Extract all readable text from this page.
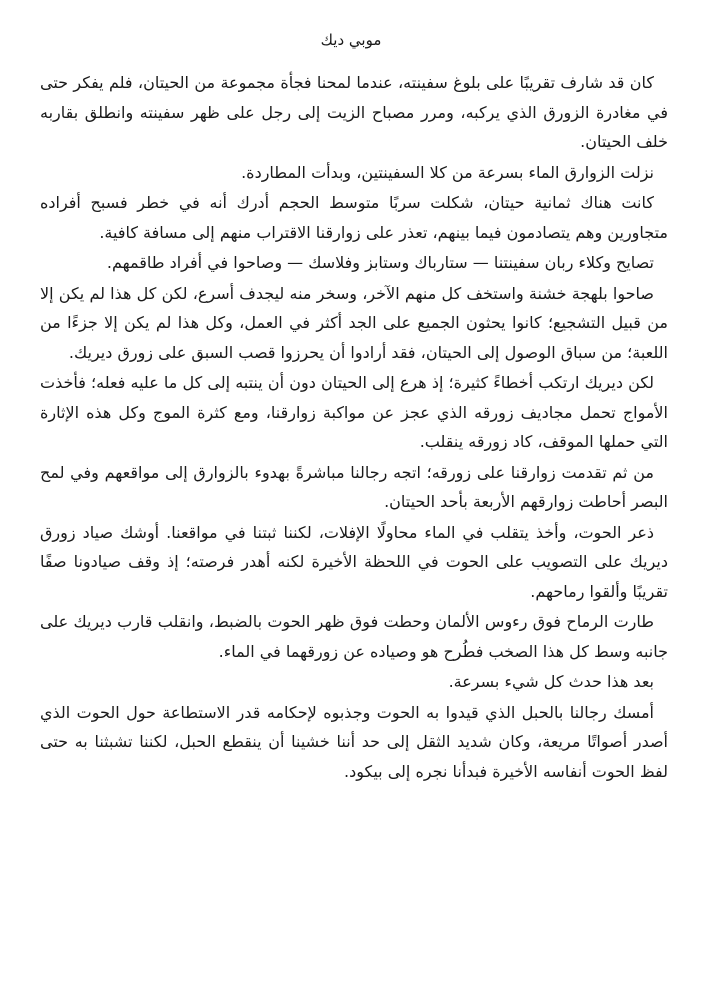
موبي ديك

كان قد شارف تقريبًا على بلوغ سفينته، عندما لمحنا فجأة مجموعة من الحيتان، فلم يفكر حتى في مغادرة الزورق الذي يركبه، ومرر مصباح الزيت إلى رجل على ظهر سفينته وانطلق بقاربه خلف الحيتان.

نزلت الزوارق الماء بسرعة من كلا السفينتين، وبدأت المطاردة.

كانت هناك ثمانية حيتان، شكلت سربًا متوسط الحجم أدرك أنه في خطر فسبح أفراده متجاورين وهم يتصادمون فيما بينهم، تعذر على زوارقنا الاقتراب منهم إلى مسافة كافية.

تصايح وكلاء ربان سفينتنا — ستارباك وستابز وفلاسك — وصاحوا في أفراد طاقمهم.

صاحوا بلهجة خشنة واستخف كل منهم الآخر، وسخر منه ليجدف أسرع، لكن كل هذا لم يكن إلا من قبيل التشجيع؛ كانوا يحثون الجميع على الجد أكثر في العمل، وكل هذا لم يكن إلا جزءًا من اللعبة؛ من سباق الوصول إلى الحيتان، فقد أرادوا أن يحرزوا قصب السبق على زورق ديريك.

لكن ديريك ارتكب أخطاءً كثيرة؛ إذ هرع إلى الحيتان دون أن ينتبه إلى كل ما عليه فعله؛ فأخذت الأمواج تحمل مجاديف زورقه الذي عجز عن مواكبة زوارقنا، ومع كثرة الموج وكل هذه الإثارة التي حملها الموقف، كاد زورقه ينقلب.

من ثم تقدمت زوارقنا على زورقه؛ اتجه رجالنا مباشرةً بهدوء بالزوارق إلى مواقعهم وفي لمح البصر أحاطت زوارقهم الأربعة بأحد الحيتان.

ذعر الحوت، وأخذ يتقلب في الماء محاولًا الإفلات، لكننا ثبتنا في مواقعنا. أوشك صياد زورق ديريك على التصويب على الحوت في اللحظة الأخيرة لكنه أهدر فرصته؛ إذ وقف صيادونا صفًا تقريبًا وألقوا رماحهم.

طارت الرماح فوق رءوس الألمان وحطت فوق ظهر الحوت بالضبط، وانقلب قارب ديريك على جانبه وسط كل هذا الصخب فطُرح هو وصياده عن زورقهما في الماء.

بعد هذا حدث كل شيء بسرعة.

أمسك رجالنا بالحبل الذي قيدوا به الحوت وجذبوه لإحكامه قدر الاستطاعة حول الحوت الذي أصدر أصواتًا مريعة، وكان شديد الثقل إلى حد أننا خشينا أن ينقطع الحبل، لكننا تشبثنا به حتى لفظ الحوت أنفاسه الأخيرة فبدأنا نجره إلى بيكود.
